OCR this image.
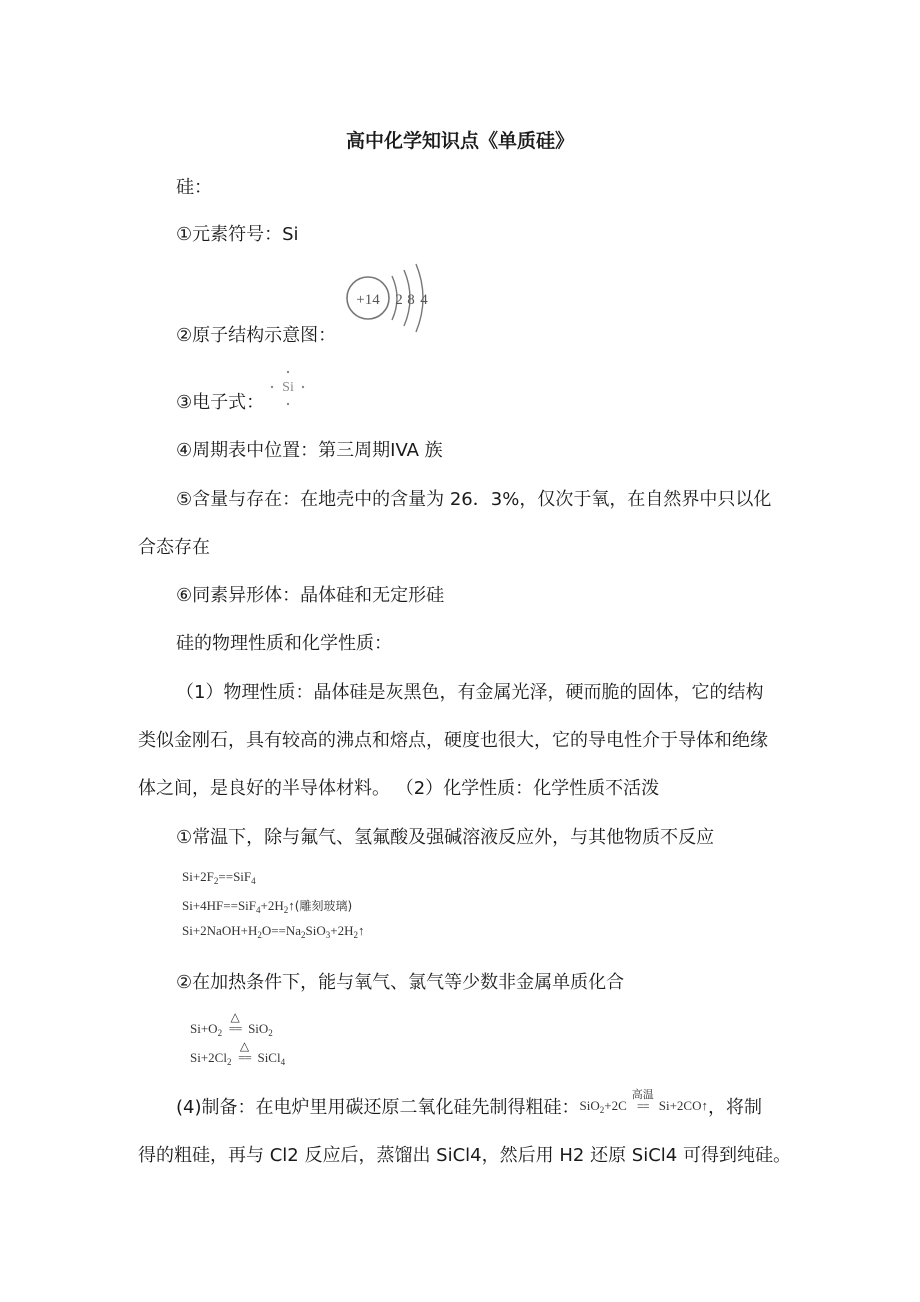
高中化学知识点《单质硅》
硅：
①元素符号：Si
+14 2 8 4
②原子结构示意图：
Si
③电子式：
④周期表中位置：第三周期IVA 族
⑤含量与存在：在地壳中的含量为 26．3%，仅次于氧，在自然界中只以化
合态存在
⑥同素异形体：晶体硅和无定形硅
硅的物理性质和化学性质：
（1）物理性质：晶体硅是灰黑色，有金属光泽，硬而脆的固体，它的结构
类似金刚石，具有较高的沸点和熔点，硬度也很大，它的导电性介于导体和绝缘
体之间，是良好的半导体材料。 （2）化学性质：化学性质不活泼
①常温下，除与氟气、氢氟酸及强碱溶液反应外，与其他物质不反应
$Si+2F_2==SiF_4$
$Si+4HF==SiF_4+2H_2↑$(雕刻玻璃)
$Si+2NaOH+H_2O==Na_2SiO_3+2H_2↑$
②在加热条件下，能与氧气、氯气等少数非金属单质化合
$Si+O_2$
△
== SiO$_2$
$Si+2Cl_2$
△
== SiCl$_4$
(4)制备：在电炉里用碳还原二氧化硅先制得粗硅：SiO$_2$+2C
高温
== Si+2CO↑，将制
得的粗硅，再与 Cl2 反应后，蒸馏出 SiCl4，然后用 H2 还原 SiCl4 可得到纯硅。
